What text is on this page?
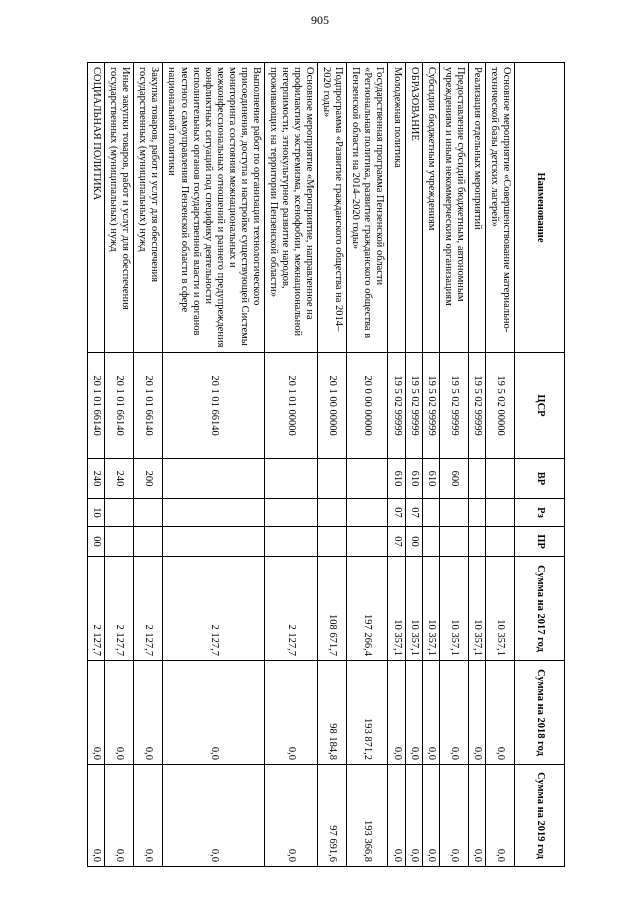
905
Наименование	ЦСР	ВР	Рз	ПР	Сумма на 2017 год	Сумма на 2018 год	Сумма на 2019 год
Основное мероприятие «Совершенствование материально-технической базы детских лагерей»	19 5 02 00000				10 357,1	0,0	0,0
Реализация отдельных мероприятий	19 5 02 99999				10 357,1	0,0	0,0
Предоставление субсидий бюджетным, автономным учреждениям и иным некоммерческим организациям	19 5 02 99999	600			10 357,1	0,0	0,0
Субсидии бюджетным учреждениям	19 5 02 99999	610			10 357,1	0,0	0,0
ОБРАЗОВАНИЕ	19 5 02 99999	610	07	00	10 357,1	0,0	0,0
Молодежная политика	19 5 02 99999	610	07	07	10 357,1	0,0	0,0
Государственная программа Пензенской области «Региональная политика, развитие гражданского общества в Пензенской области на 2014–2020 годы»	20 0 00 00000				197 266,4	193 871,2	193 366,8
Подпрограмма «Развитие гражданского общества на 2014–2020 годы»	20 1 00 00000				108 671,7	98 184,8	97 691,6
Основное мероприятие «Мероприятие, направленное на профилактику экстремизма, ксенофобии, межнациональной нетерпимости, этнокультурное развитие народов, проживающих на территории Пензенской области»	20 1 01 00000				2 127,7	0,0	0,0
Выполнение работ по организации технологического присоединения, доступа и настройке существующей Системы мониторинга состояния межнациональных и межконфессиональных отношений и раннего предупреждения конфликтных ситуаций под специфику деятельности исполнительных органов государственной власти и органов местного самоуправления Пензенской области в сфере национальной политики	20 1 01 66140				2 127,7	0,0	0,0
Закупка товаров, работ и услуг для обеспечения государственных (муниципальных) нужд	20 1 01 66140	200			2 127,7	0,0	0,0
Иные закупки товаров, работ и услуг для обеспечения государственных (муниципальных) нужд	20 1 01 66140	240			2 127,7	0,0	0,0
СОЦИАЛЬНАЯ ПОЛИТИКА	20 1 01 66140	240	10	00	2 127,7	0,0	0,0
